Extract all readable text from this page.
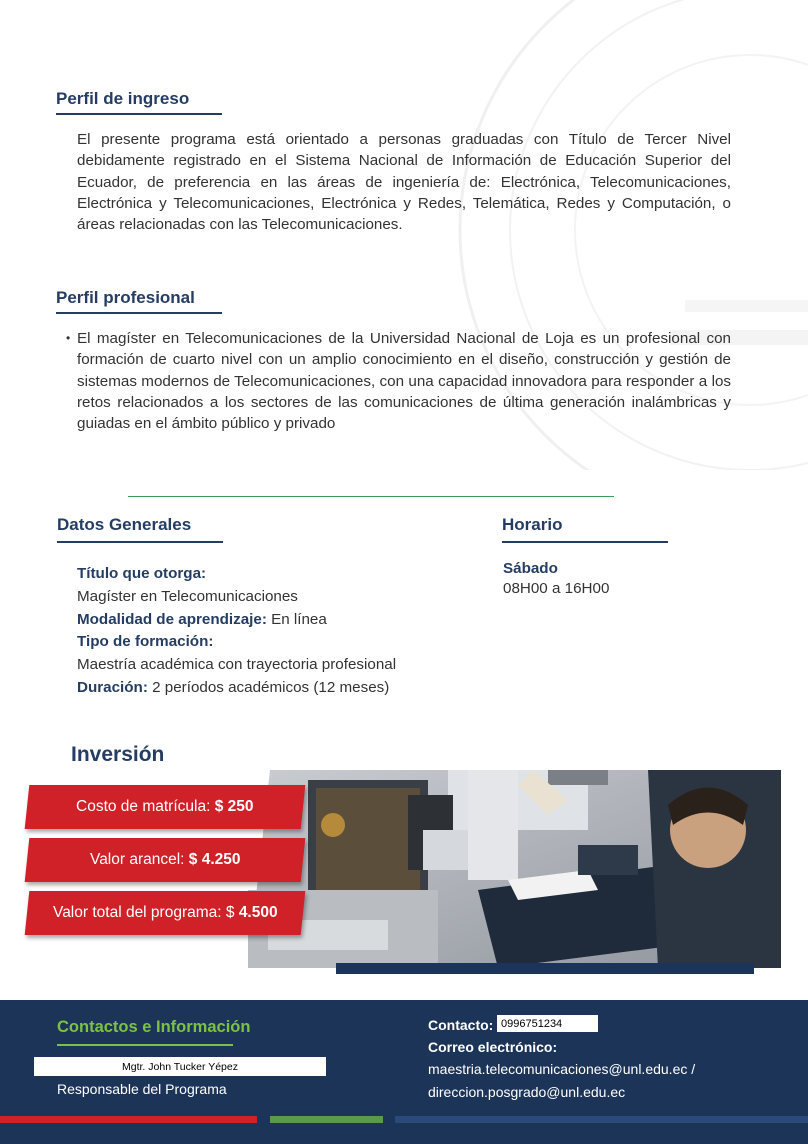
Perfil de ingreso
El presente programa está orientado a personas graduadas con Título de Tercer Nivel debidamente registrado en el Sistema Nacional de Información de Educación Superior del Ecuador, de preferencia en las áreas de ingeniería de: Electrónica, Telecomunicaciones, Electrónica y Telecomunicaciones, Electrónica y Redes, Telemática, Redes y Computación, o áreas relacionadas con las Telecomunicaciones.
Perfil profesional
• El magíster en Telecomunicaciones de la Universidad Nacional de Loja es un profesional con formación de cuarto nivel con un amplio conocimiento en el diseño, construcción y gestión de sistemas modernos de Telecomunicaciones, con una capacidad innovadora para responder a los retos relacionados a los sectores de las comunicaciones de última generación inalámbricas y guiadas en el ámbito público y privado
Datos Generales
Título que otorga:
Magíster en Telecomunicaciones
Modalidad de aprendizaje: En línea
Tipo de formación:
Maestría académica con trayectoria profesional
Duración: 2 períodos académicos (12 meses)
Horario
Sábado
08H00 a 16H00
Inversión
Costo de matrícula: $ 250
Valor arancel: $ 4.250
Valor total del programa: $ 4.500
Contactos e Información
Mgtr. John Tucker Yépez
Responsable del Programa
Contacto: 0996751234
Correo electrónico:
maestria.telecomunicaciones@unl.edu.ec /
direccion.posgrado@unl.edu.ec
